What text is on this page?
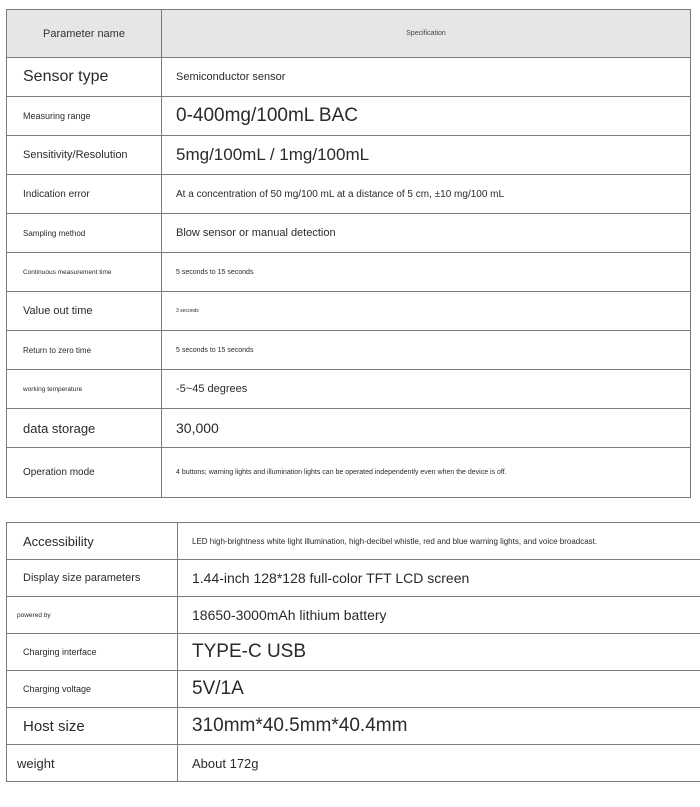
Parameter name	Specification
Sensor type	Semiconductor sensor
Measuring range	0-400mg/100mL BAC
Sensitivity/Resolution	5mg/100mL / 1mg/100mL
Indication error	At a concentration of 50 mg/100 mL at a distance of 5 cm, ±10 mg/100 mL
Sampling method	Blow sensor or manual detection
Continuous measurement time	5 seconds to 15 seconds
Value out time	3 seconds
Return to zero time	5 seconds to 15 seconds
working temperature	-5~45 degrees
data storage	30,000
Operation mode	4 buttons; warning lights and illumination lights can be operated independently even when the device is off.
Accessibility	LED high-brightness white light illumination, high-decibel whistle, red and blue warning lights, and voice broadcast.
Display size parameters	1.44-inch 128*128 full-color TFT LCD screen
powered by	18650-3000mAh lithium battery
Charging interface	TYPE-C USB
Charging voltage	5V/1A
Host size	310mm*40.5mm*40.4mm
weight	About 172g
